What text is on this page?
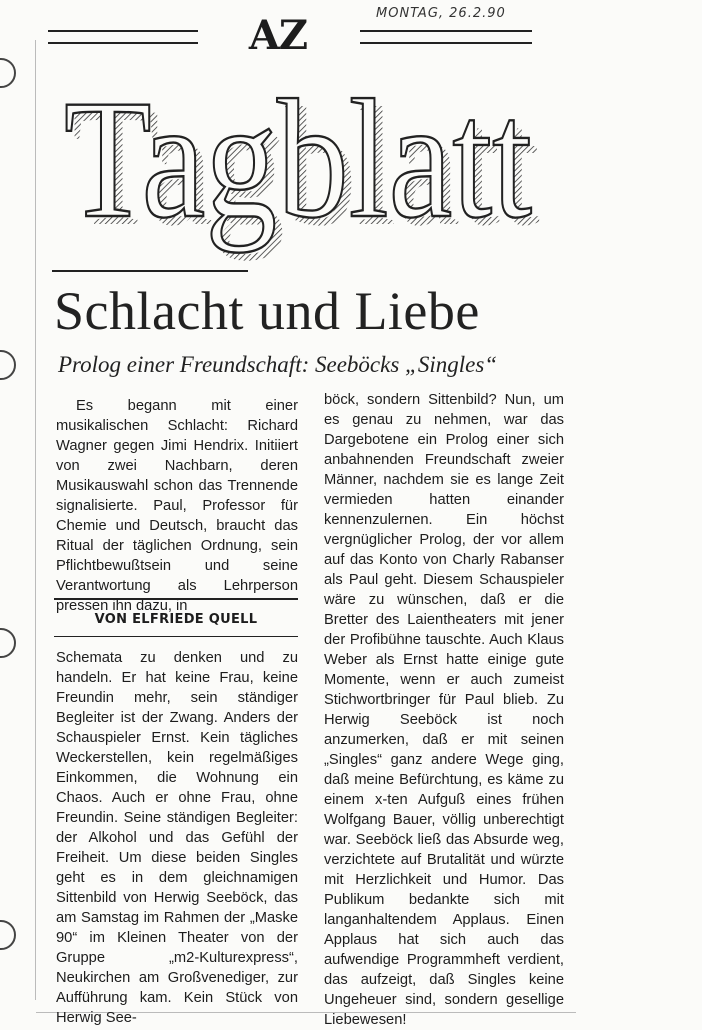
AZ	MONTAG, 26.2.90
Tagblatt
Tagblatt
Schlacht und Liebe
Prolog einer Freundschaft: Seeböcks „Singles“

Es begann mit einer musikalischen Schlacht: Richard Wagner gegen Jimi Hendrix. Initiiert von zwei Nachbarn, deren Musikauswahl schon das Trennende signalisierte. Paul, Professor für Chemie und Deutsch, braucht das Ritual der täglichen Ordnung, sein Pflichtbewußtsein und seine Verantwortung als Lehrperson pressen ihn dazu, in

VON ELFRIEDE QUELL

Schemata zu denken und zu handeln. Er hat keine Frau, keine Freundin mehr, sein ständiger Begleiter ist der Zwang. Anders der Schauspieler Ernst. Kein tägliches Weckerstellen, kein regelmäßiges Einkommen, die Wohnung ein Chaos. Auch er ohne Frau, ohne Freundin. Seine ständigen Begleiter: der Alkohol und das Gefühl der Freiheit. Um diese beiden Singles geht es in dem gleichnamigen Sittenbild von Herwig Seeböck, das am Samstag im Rahmen der „Maske 90“ im Kleinen Theater von der Gruppe „m2-Kulturexpress“, Neukirchen am Großvenediger, zur Aufführung kam. Kein Stück von Herwig See-

böck, sondern Sittenbild? Nun, um es genau zu nehmen, war das Dargebotene ein Prolog einer sich anbahnenden Freundschaft zweier Männer, nachdem sie es lange Zeit vermieden hatten einander kennenzulernen. Ein höchst vergnüglicher Prolog, der vor allem auf das Konto von Charly Rabanser als Paul geht. Diesem Schauspieler wäre zu wünschen, daß er die Bretter des Laientheaters mit jener der Profibühne tauschte. Auch Klaus Weber als Ernst hatte einige gute Momente, wenn er auch zumeist Stichwortbringer für Paul blieb. Zu Herwig Seeböck ist noch anzumerken, daß er mit seinen „Singles“ ganz andere Wege ging, daß meine Befürchtung, es käme zu einem x-ten Aufguß eines frühen Wolfgang Bauer, völlig unberechtigt war. Seeböck ließ das Absurde weg, verzichtete auf Brutalität und würzte mit Herzlichkeit und Humor. Das Publikum bedankte sich mit langanhaltendem Applaus. Einen Applaus hat sich auch das aufwendige Programmheft verdient, das aufzeigt, daß Singles keine Ungeheuer sind, sondern gesellige Liebewesen!
